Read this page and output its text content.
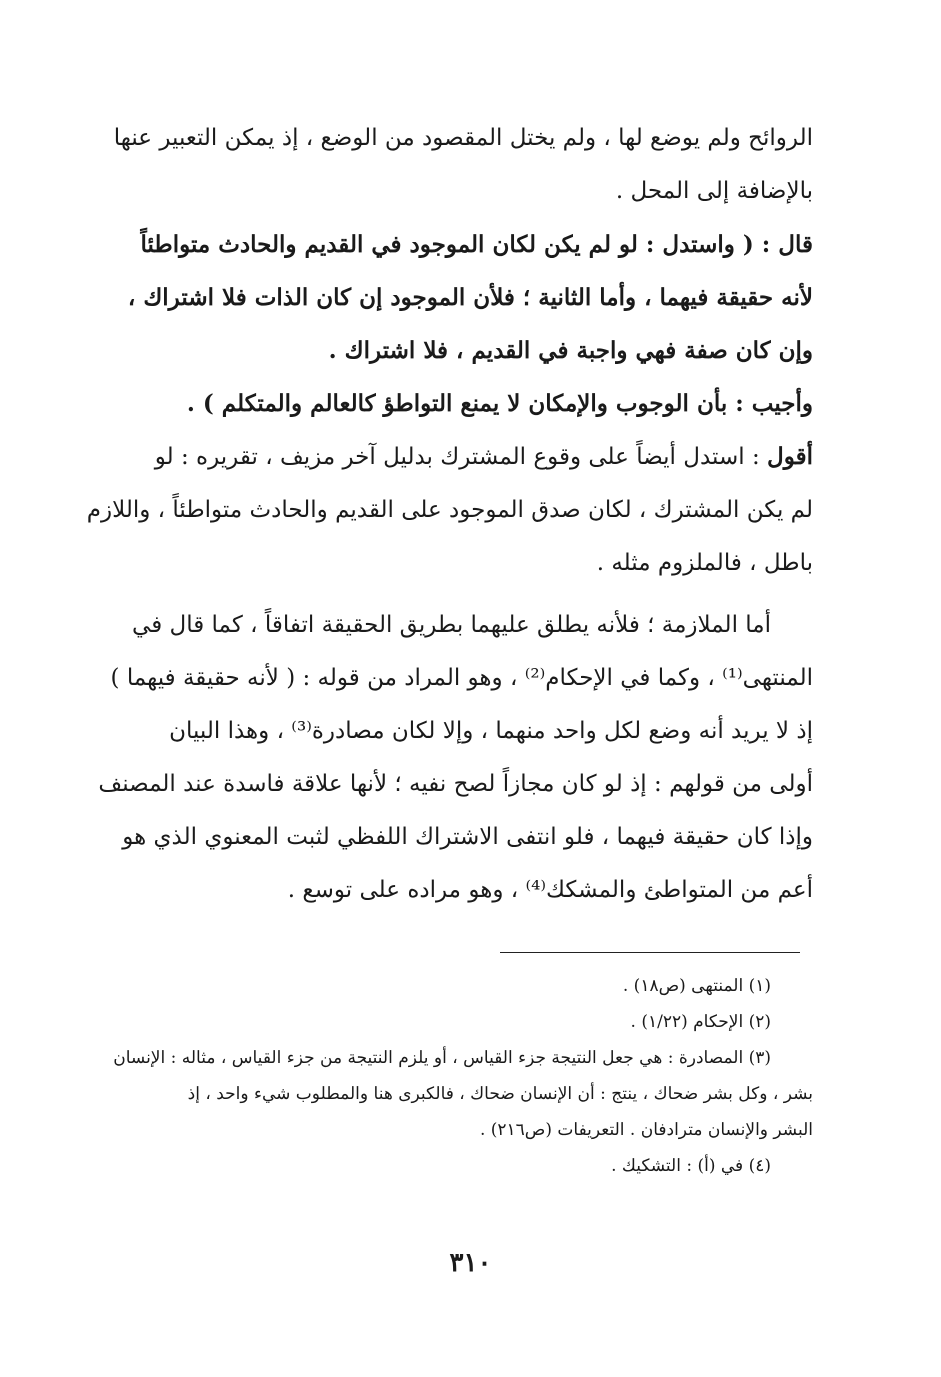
الروائح ولم يوضع لها ، ولم يختل المقصود من الوضع ، إذ يمكن التعبير عنها
بالإضافة إلى المحل .
قال : ( واستدل : لو لم يكن لكان الموجود في القديم والحادث متواطئاً
لأنه حقيقة فيهما ، وأما الثانية ؛ فلأن الموجود إن كان الذات فلا اشتراك ،
وإن كان صفة فهي واجبة في القديم ، فلا اشتراك .
وأجيب : بأن الوجوب والإمكان لا يمنع التواطؤ كالعالم والمتكلم ) .
أقول : استدل أيضاً على وقوع المشترك بدليل آخر مزيف ، تقريره : لو
لم يكن المشترك ، لكان صدق الموجود على القديم والحادث متواطئاً ، واللازم
باطل ، فالملزوم مثله .
أما الملازمة ؛ فلأنه يطلق عليهما بطريق الحقيقة اتفاقاً ، كما قال في
المنتهى⁽¹⁾ ، وكما في الإحكام⁽²⁾ ، وهو المراد من قوله : ( لأنه حقيقة فيهما )
إذ لا يريد أنه وضع لكل واحد منهما ، وإلا لكان مصادرة⁽³⁾ ، وهذا البيان
أولى من قولهم : إذ لو كان مجازاً لصح نفيه ؛ لأنها علاقة فاسدة عند المصنف
وإذا كان حقيقة فيهما ، فلو انتفى الاشتراك اللفظي لثبت المعنوي الذي هو
أعم من المتواطئ والمشكك⁽⁴⁾ ، وهو مراده على توسع .
(١) المنتهى (ص١٨) .
(٢) الإحكام (١/٢٢) .
(٣) المصادرة : هي جعل النتيجة جزء القياس ، أو يلزم النتيجة من جزء القياس ، مثاله : الإنسان
بشر ، وكل بشر ضحاك ، ينتج : أن الإنسان ضحاك ، فالكبرى هنا والمطلوب شيء واحد ، إذ
البشر والإنسان مترادفان . التعريفات (ص٢١٦) .
(٤) في (أ) : التشكيك .
٣١٠
